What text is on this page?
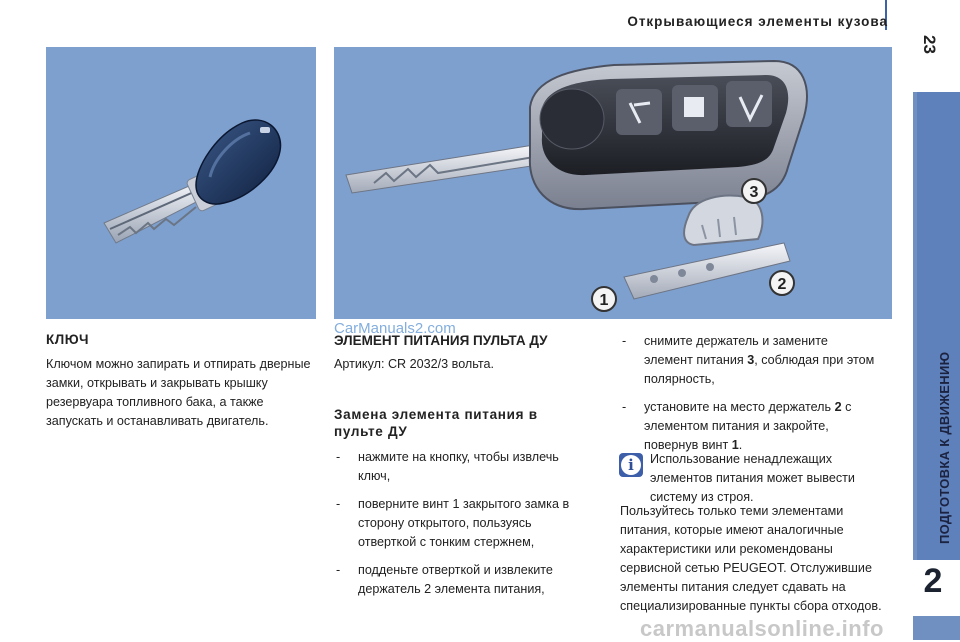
Открывающиеся элементы кузова
23
ПОДГОТОВКА К ДВИЖЕНИЮ
2
1
2
3
КЛЮЧ

Ключом можно запирать и отпирать дверные замки, открывать и закрывать крышку резервуара топливного бака, а также запускать и останавливать двигатель.

CarManuals2.com
ЭЛЕМЕНТ ПИТАНИЯ ПУЛЬТА ДУ

Артикул: CR 2032/3 вольта.

Замена элемента питания в пульте ДУ
- нажмите на кнопку, чтобы извлечь ключ,
- поверните винт 1 закрытого замка в сторону открытого, пользуясь отверткой с тонким стержнем,
- подденьте отверткой и извлеките держатель 2 элемента питания,
- снимите держатель и замените элемент питания 3, соблюдая при этом полярность,
- установите на место держатель 2 с элементом питания и закройте, повернув винт 1.
i	Использование ненадлежащих элементов питания может вывести систему из строя.

Пользуйтесь только теми элементами питания, которые имеют аналогичные характеристики или рекомендованы сервисной сетью PEUGEOT. Отслужившие элементы питания следует сдавать на специализированные пункты сбора отходов.

carmanualsonline.info
